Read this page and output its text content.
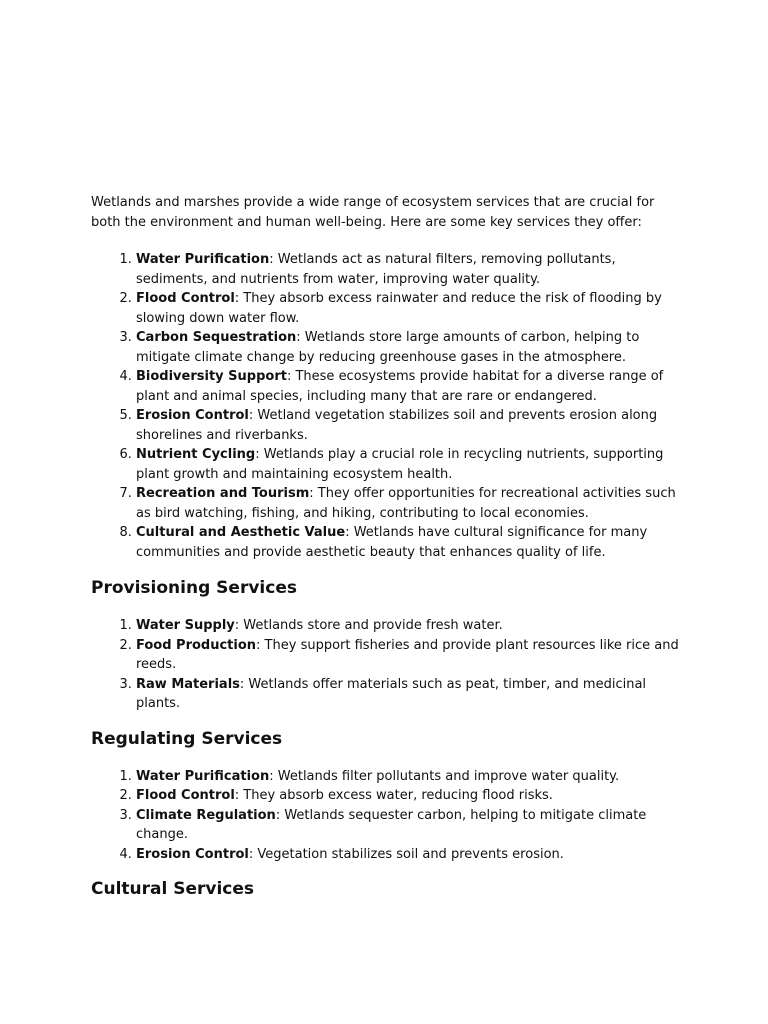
Wetlands and marshes provide a wide range of ecosystem services that are crucial for both the environment and human well-being. Here are some key services they offer:

1. Water Purification: Wetlands act as natural filters, removing pollutants, sediments, and nutrients from water, improving water quality.
2. Flood Control: They absorb excess rainwater and reduce the risk of flooding by slowing down water flow.
3. Carbon Sequestration: Wetlands store large amounts of carbon, helping to mitigate climate change by reducing greenhouse gases in the atmosphere.
4. Biodiversity Support: These ecosystems provide habitat for a diverse range of plant and animal species, including many that are rare or endangered.
5. Erosion Control: Wetland vegetation stabilizes soil and prevents erosion along shorelines and riverbanks.
6. Nutrient Cycling: Wetlands play a crucial role in recycling nutrients, supporting plant growth and maintaining ecosystem health.
7. Recreation and Tourism: They offer opportunities for recreational activities such as bird watching, fishing, and hiking, contributing to local economies.
8. Cultural and Aesthetic Value: Wetlands have cultural significance for many communities and provide aesthetic beauty that enhances quality of life.
Provisioning Services
1. Water Supply: Wetlands store and provide fresh water.
2. Food Production: They support fisheries and provide plant resources like rice and reeds.
3. Raw Materials: Wetlands offer materials such as peat, timber, and medicinal plants.
Regulating Services
1. Water Purification: Wetlands filter pollutants and improve water quality.
2. Flood Control: They absorb excess water, reducing flood risks.
3. Climate Regulation: Wetlands sequester carbon, helping to mitigate climate change.
4. Erosion Control: Vegetation stabilizes soil and prevents erosion.
Cultural Services
